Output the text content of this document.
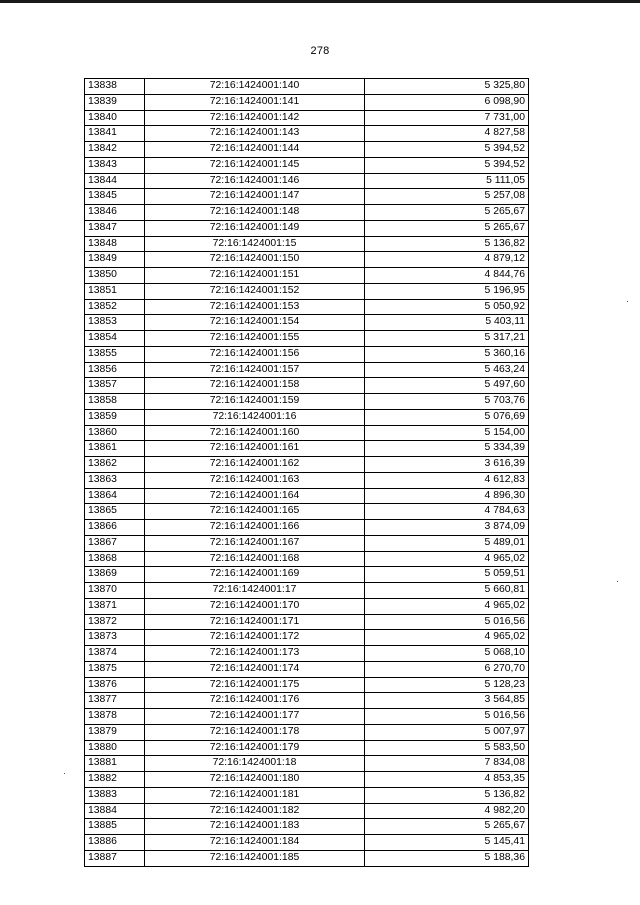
278
13838	72:16:1424001:140	5 325,80
13839	72:16:1424001:141	6 098,90
13840	72:16:1424001:142	7 731,00
13841	72:16:1424001:143	4 827,58
13842	72:16:1424001:144	5 394,52
13843	72:16:1424001:145	5 394,52
13844	72:16:1424001:146	5 111,05
13845	72:16:1424001:147	5 257,08
13846	72:16:1424001:148	5 265,67
13847	72:16:1424001:149	5 265,67
13848	72:16:1424001:15	5 136,82
13849	72:16:1424001:150	4 879,12
13850	72:16:1424001:151	4 844,76
13851	72:16:1424001:152	5 196,95
13852	72:16:1424001:153	5 050,92
13853	72:16:1424001:154	5 403,11
13854	72:16:1424001:155	5 317,21
13855	72:16:1424001:156	5 360,16
13856	72:16:1424001:157	5 463,24
13857	72:16:1424001:158	5 497,60
13858	72:16:1424001:159	5 703,76
13859	72:16:1424001:16	5 076,69
13860	72:16:1424001:160	5 154,00
13861	72:16:1424001:161	5 334,39
13862	72:16:1424001:162	3 616,39
13863	72:16:1424001:163	4 612,83
13864	72:16:1424001:164	4 896,30
13865	72:16:1424001:165	4 784,63
13866	72:16:1424001:166	3 874,09
13867	72:16:1424001:167	5 489,01
13868	72:16:1424001:168	4 965,02
13869	72:16:1424001:169	5 059,51
13870	72:16:1424001:17	5 660,81
13871	72:16:1424001:170	4 965,02
13872	72:16:1424001:171	5 016,56
13873	72:16:1424001:172	4 965,02
13874	72:16:1424001:173	5 068,10
13875	72:16:1424001:174	6 270,70
13876	72:16:1424001:175	5 128,23
13877	72:16:1424001:176	3 564,85
13878	72:16:1424001:177	5 016,56
13879	72:16:1424001:178	5 007,97
13880	72:16:1424001:179	5 583,50
13881	72:16:1424001:18	7 834,08
13882	72:16:1424001:180	4 853,35
13883	72:16:1424001:181	5 136,82
13884	72:16:1424001:182	4 982,20
13885	72:16:1424001:183	5 265,67
13886	72:16:1424001:184	5 145,41
13887	72:16:1424001:185	5 188,36
·
·
·
